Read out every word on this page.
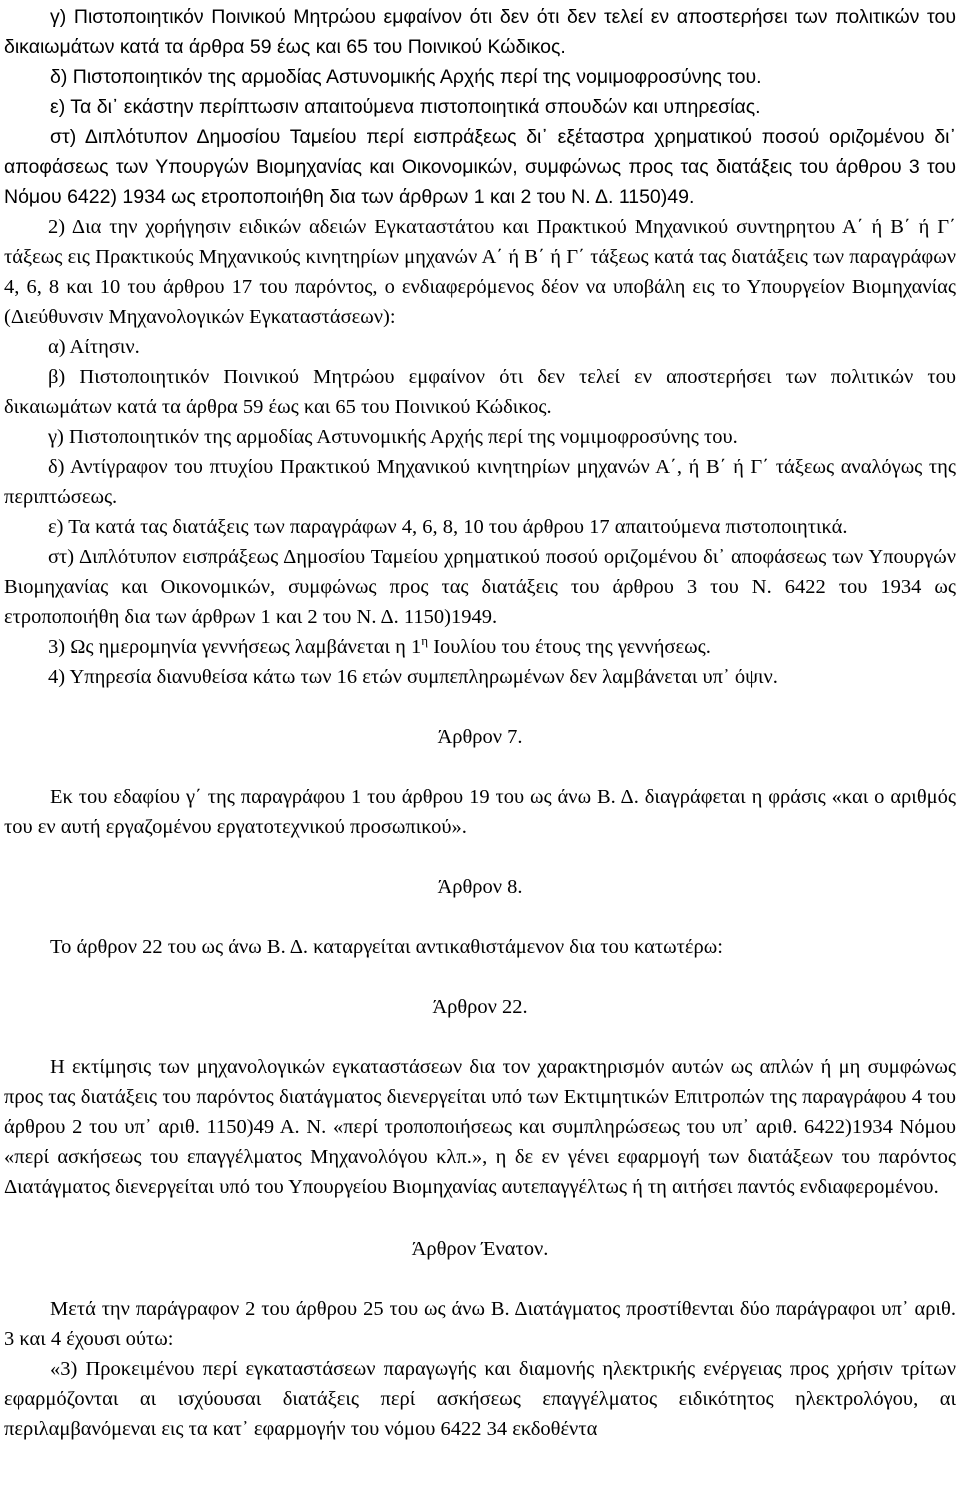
γ) Πιστοποιητικόν Ποινικού Μητρώου εμφαίνον ότι δεν ότι δεν τελεί εν αποστερήσει των πολιτικών του δικαιωμάτων κατά τα άρθρα 59 έως και 65 του Ποινικού Κώδικος.

δ) Πιστοποιητικόν της αρμοδίας Αστυνομικής Αρχής περί της νομιμοφροσύνης του.

ε) Τα δι᾽ εκάστην περίπτωσιν απαιτούμενα πιστοποιητικά σπουδών και υπηρεσίας.

στ) Διπλότυπον Δημοσίου Ταμείου περί εισπράξεως δι᾽ εξέταστρα χρηματικού ποσού οριζομένου δι᾽ αποφάσεως των Υπουργών Βιομηχανίας και Οικονομικών, συμφώνως προς τας διατάξεις του άρθρου 3 του Νόμου 6422) 1934 ως ετροποποιήθη δια των άρθρων 1 και 2 του Ν. Δ. 1150)49.

2) Δια την χορήγησιν ειδικών αδειών Εγκαταστάτου και Πρακτικού Μηχανικού συντηρητου Α΄ ή Β΄ ή Γ΄ τάξεως εις Πρακτικούς Μηχανικούς κινητηρίων μηχανών Α΄ ή Β΄ ή Γ΄ τάξεως κατά τας διατάξεις των παραγράφων 4, 6, 8 και 10 του άρθρου 17 του παρόντος, ο ενδιαφερόμενος δέον να υποβάλη εις το Υπουργείον Βιομηχανίας (Διεύθυνσιν Μηχανολογικών Εγκαταστάσεων):

α) Αίτησιν.

β) Πιστοποιητικόν Ποινικού Μητρώου εμφαίνον ότι δεν τελεί εν αποστερήσει των πολιτικών του δικαιωμάτων κατά τα άρθρα 59 έως και 65 του Ποινικού Κώδικος.

γ) Πιστοποιητικόν της αρμοδίας Αστυνομικής Αρχής περί της νομιμοφροσύνης του.

δ) Αντίγραφον του πτυχίου Πρακτικού Μηχανικού κινητηρίων μηχανών Α΄, ή Β΄ ή Γ΄ τάξεως αναλόγως της περιπτώσεως.

ε) Τα κατά τας διατάξεις των παραγράφων 4, 6, 8, 10 του άρθρου 17 απαιτούμενα πιστοποιητικά.

στ) Διπλότυπον εισπράξεως Δημοσίου Ταμείου χρηματικού ποσού οριζομένου δι᾽ αποφάσεως των Υπουργών Βιομηχανίας και Οικονομικών, συμφώνως προς τας διατάξεις του άρθρου 3 του Ν. 6422 του 1934 ως ετροποποιήθη δια των άρθρων 1 και 2 του Ν. Δ. 1150)1949.

3) Ως ημερομηνία γεννήσεως λαμβάνεται η $1^\eta$ Ιουλίου του έτους της γεννήσεως.

4) Υπηρεσία διανυθείσα κάτω των 16 ετών συμπεπληρωμένων δεν λαμβάνεται υπ᾽ όψιν.

Άρθρον 7.

Εκ του εδαφίου γ΄ της παραγράφου 1 του άρθρου 19 του ως άνω Β. Δ. διαγράφεται η φράσις «και ο αριθμός του εν αυτή εργαζομένου εργατοτεχνικού προσωπικού».

Άρθρον 8.

Το άρθρον 22 του ως άνω Β. Δ. καταργείται αντικαθιστάμενον δια του κατωτέρω:

Άρθρον 22.

Η εκτίμησις των μηχανολογικών εγκαταστάσεων δια τον χαρακτηρισμόν αυτών ως απλών ή μη συμφώνως προς τας διατάξεις του παρόντος διατάγματος διενεργείται υπό των Εκτιμητικών Επιτροπών της παραγράφου 4 του άρθρου 2 του υπ᾽ αριθ. 1150)49 Α. Ν. «περί τροποποιήσεως και συμπληρώσεως του υπ᾽ αριθ. 6422)1934 Νόμου «περί ασκήσεως του επαγγέλματος Μηχανολόγου κλπ.», η δε εν γένει εφαρμογή των διατάξεων του παρόντος Διατάγματος διενεργείται υπό του Υπουργείου Βιομηχανίας αυτεπαγγέλτως ή τη αιτήσει παντός ενδιαφερομένου.

Άρθρον Ένατον.

Μετά την παράγραφον 2 του άρθρου 25 του ως άνω Β. Διατάγματος προστίθενται δύο παράγραφοι υπ᾽ αριθ. 3 και 4 έχουσι ούτω:

«3) Προκειμένου περί εγκαταστάσεων παραγωγής και διαμονής ηλεκτρικής ενέργειας προς χρήσιν τρίτων εφαρμόζονται αι ισχύουσαι διατάξεις περί ασκήσεως επαγγέλματος ειδικότητος ηλεκτρολόγου, αι περιλαμβανόμεναι εις τα κατ᾽ εφαρμογήν του νόμου 6422 34 εκδοθέντα
